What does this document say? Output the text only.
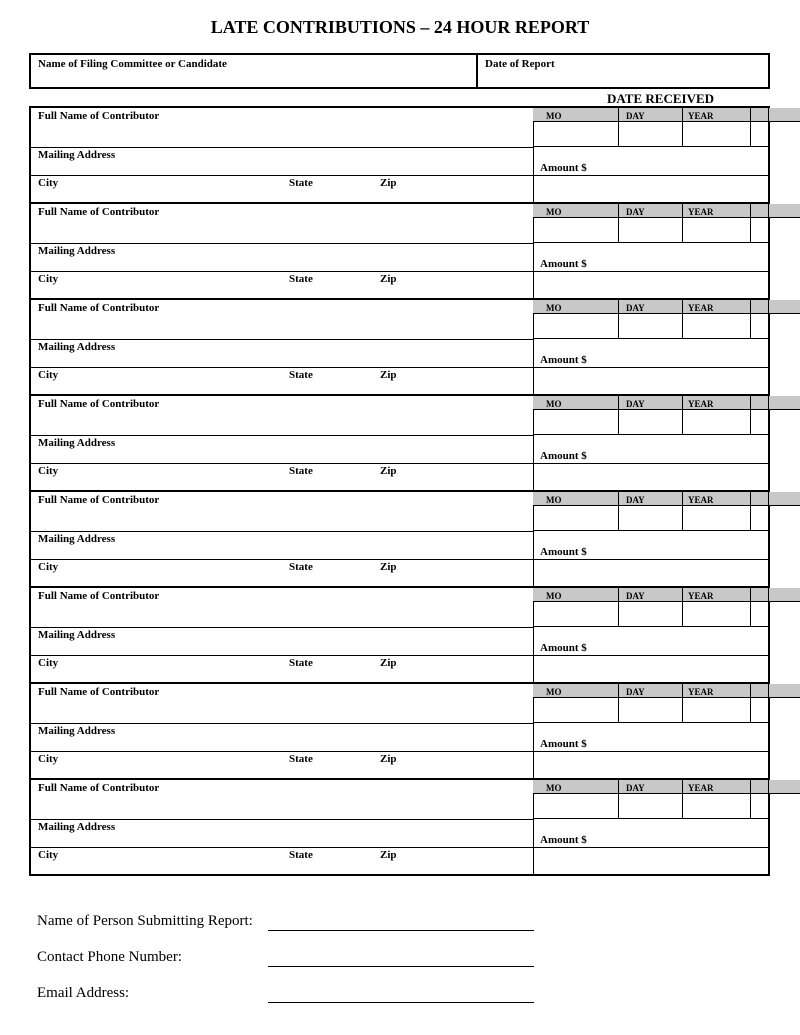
LATE CONTRIBUTIONS – 24 HOUR REPORT
Name of Filing Committee or Candidate	Date of Report
DATE RECEIVED
MO	DAY	YEAR
Full Name of Contributor
Mailing Address
Amount $
City	State	Zip
MO	DAY	YEAR
Full Name of Contributor
Mailing Address
Amount $
City	State	Zip
MO	DAY	YEAR
Full Name of Contributor
Mailing Address
Amount $
City	State	Zip
MO	DAY	YEAR
Full Name of Contributor
Mailing Address
Amount $
City	State	Zip
MO	DAY	YEAR
Full Name of Contributor
Mailing Address
Amount $
City	State	Zip
MO	DAY	YEAR
Full Name of Contributor
Mailing Address
Amount $
City	State	Zip
MO	DAY	YEAR
Full Name of Contributor
Mailing Address
Amount $
City	State	Zip
MO	DAY	YEAR
Full Name of Contributor
Mailing Address
Amount $
City	State	Zip
Name of Person Submitting Report:
Contact Phone Number:
Email Address:
